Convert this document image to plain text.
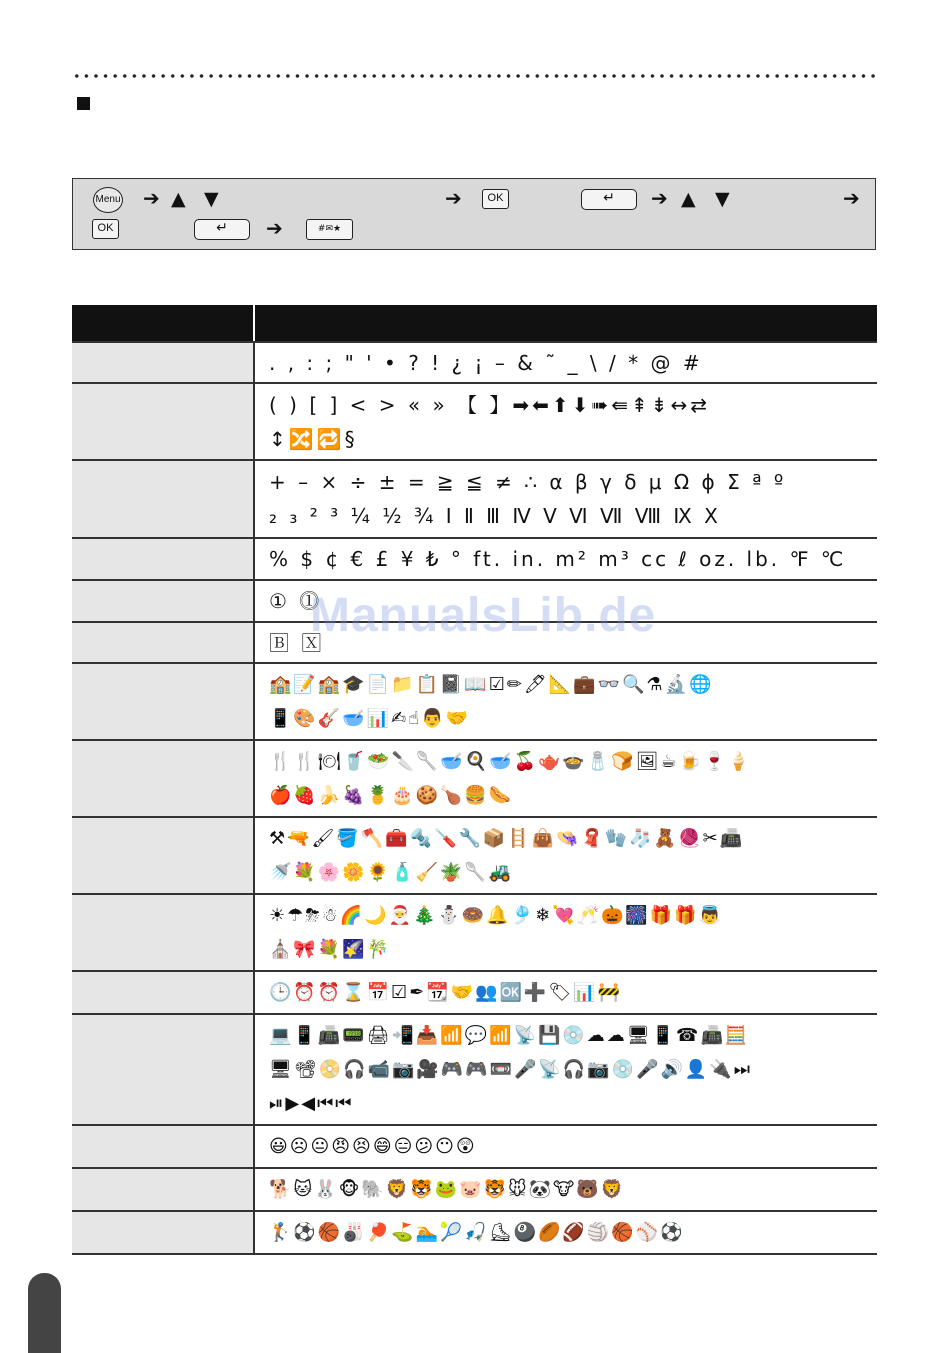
Menu ➔ ▲ ▼	➔	OK	↵	➔ ▲ ▼	➔
OK	↵	➔	#✉★

	. , : ; " ' • ? ! ¿ ¡ – & ˜ _ \ / * @ #

	( ) [ ] < > « » 【 】➡⬅⬆⬇➠⇚⇞⇟↔⇄
↕🔀🔁§

	+ – × ÷ ± = ≧ ≦ ≠ ∴ α β γ δ μ Ω ϕ Σ ª º
₂ ₃ ² ³ ¼ ½ ¾ Ⅰ Ⅱ Ⅲ Ⅳ Ⅴ Ⅵ Ⅶ Ⅷ Ⅸ Ⅹ

	% $ ¢ € £ ¥ ₺ ° ft. in. m² m³ cc ℓ oz. lb. ℉ ℃

	① ⓵

	🄱 🅇

	🏫📝🏫🎓📄📁📋📓📖☑✏🖊📐💼👓🔍⚗🔬🌐
📱🎨🎸🥣📊✍☝👨🤝

	🍴🍴🍽🥤🥗🔪🥄🥣🍳🥣🍒🫖🍲🧂🍞🖼☕🍺🍷🍦
🍎🍓🍌🍇🍍🎂🍪🍗🍔🌭

	⚒🔫🖌🪣🪓🧰🔩🪛🔧📦🪜👜👒🧣🧤🧦🧸🧶✂📠
🚿💐🌸🌼🌻🧴🧹🪴🥄🚜

	☀☂⛈☃🌈🌙🎅🎄⛄🍩🔔🎐❄💘🥂🎃🎆🎁🎁👼
⛪🎀💐🌠🎋

	🕒⏰⏰⌛📅☑✒📆🤝👥🆗➕🏷📊🚧

	💻📱📠📟🖨📲📥📶💬📶📡💾💿☁☁🖥📱☎📠🧮
🖥📽📀🎧📹📷🎥🎮🎮📼🎤📡🎧📷💿🎤🔊👤🔌⏭
⏯▶◀⏮⏮

	😃☹😐😠😣😄😑😕😶😲

	🐕🐱🐰🐵🐘🦁🐯🐸🐷🐯🐭🐼🐮🐻🦁

	🏌⚽🏀🎳🏓⛳🏊🎾🎣⛸🎱🏉🏈🏐🏀⚾⚽
ManualsLib.de
